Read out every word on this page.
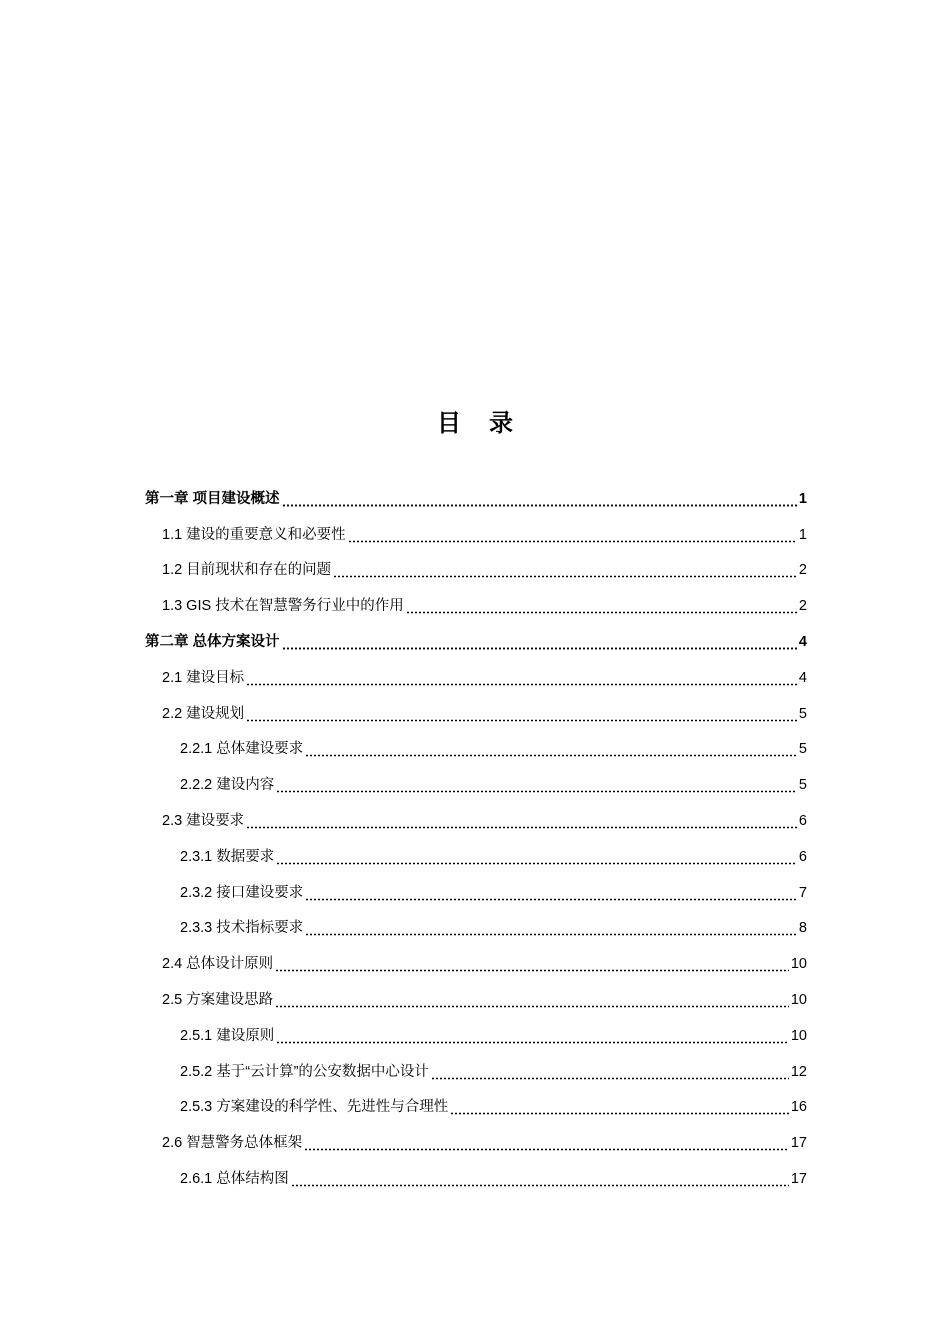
目 录
第一章 项目建设概述	1
1.1 建设的重要意义和必要性	1
1.2 目前现状和存在的问题	2
1.3 GIS 技术在智慧警务行业中的作用	2
第二章 总体方案设计	4
2.1 建设目标	4
2.2 建设规划	5
2.2.1 总体建设要求	5
2.2.2 建设内容	5
2.3 建设要求	6
2.3.1 数据要求	6
2.3.2 接口建设要求	7
2.3.3 技术指标要求	8
2.4 总体设计原则	10
2.5 方案建设思路	10
2.5.1 建设原则	10
2.5.2 基于“云计算”的公安数据中心设计	12
2.5.3 方案建设的科学性、先进性与合理性	16
2.6 智慧警务总体框架	17
2.6.1 总体结构图	17
